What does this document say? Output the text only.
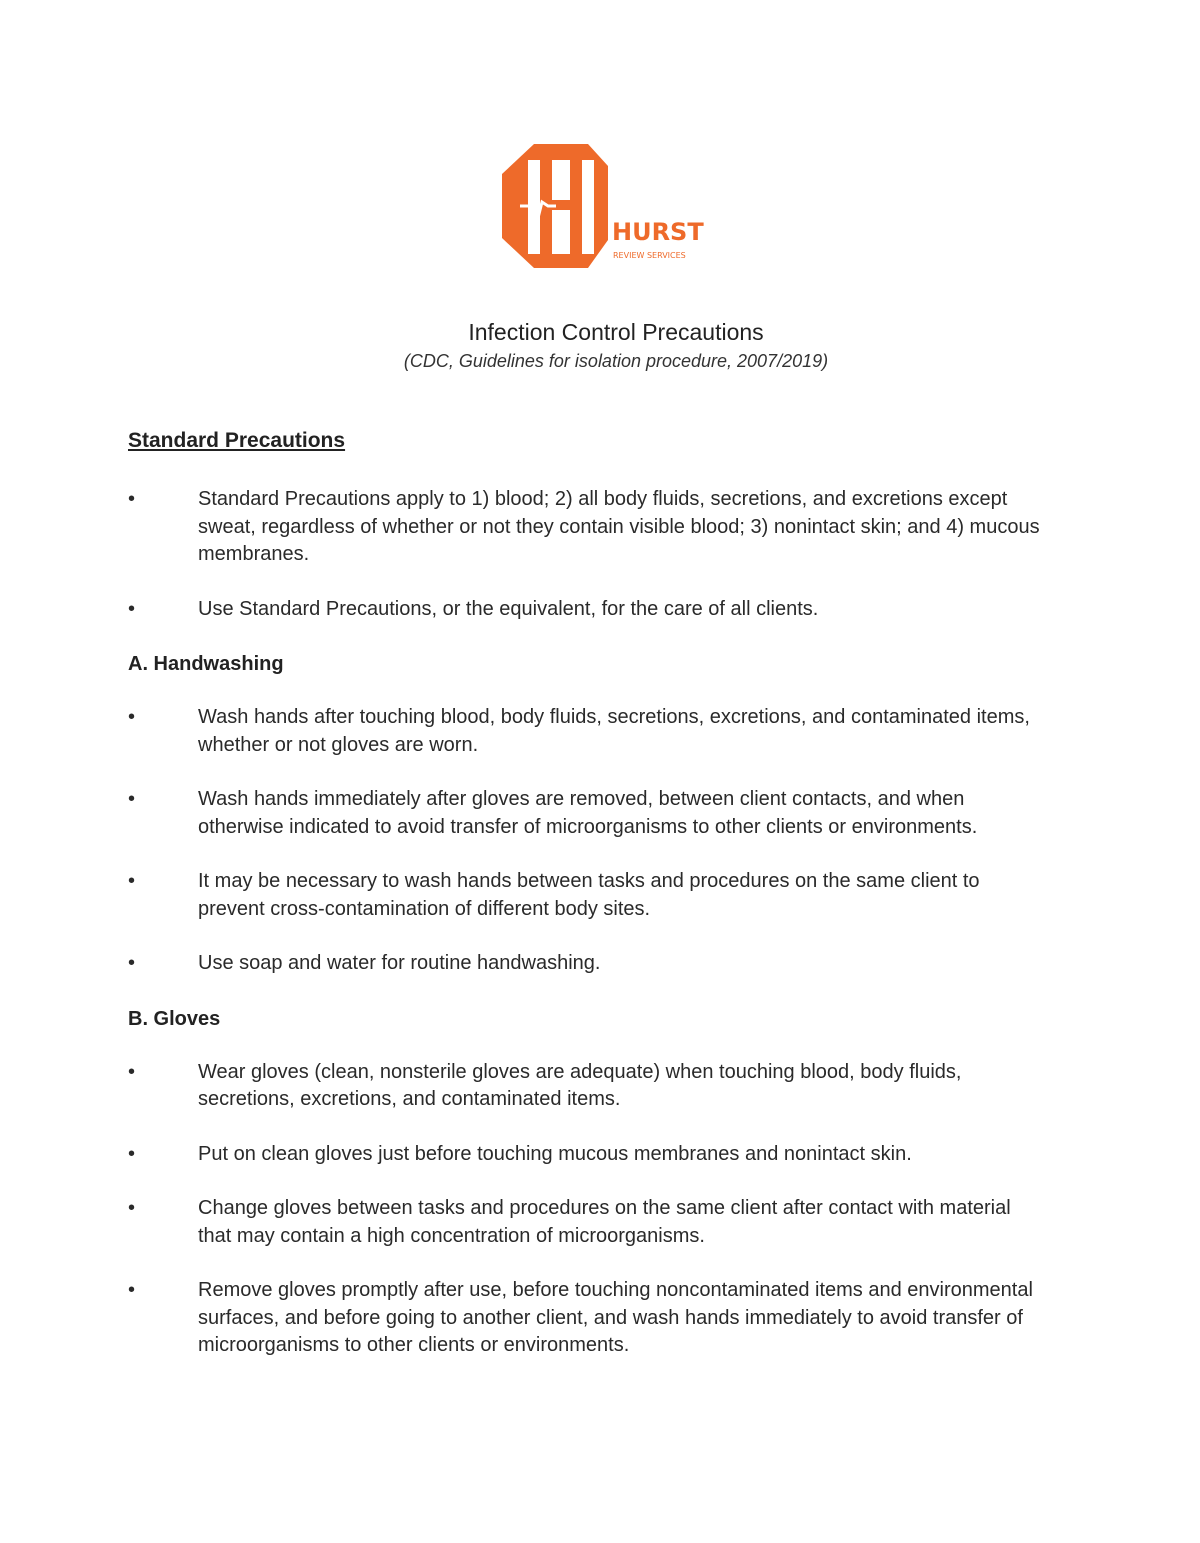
HURST
REVIEW SERVICES
Infection Control Precautions

(CDC, Guidelines for isolation procedure, 2007/2019)

Standard Precautions
•	Standard Precautions apply to 1) blood; 2) all body fluids, secretions, and excretions except sweat, regardless of whether or not they contain visible blood; 3) nonintact skin; and 4) mucous membranes.
•	Use Standard Precautions, or the equivalent, for the care of all clients.
A. Handwashing
•	Wash hands after touching blood, body fluids, secretions, excretions, and contaminated items, whether or not gloves are worn.
•	Wash hands immediately after gloves are removed, between client contacts, and when otherwise indicated to avoid transfer of microorganisms to other clients or environments.
•	It may be necessary to wash hands between tasks and procedures on the same client to prevent cross-contamination of different body sites.
•	Use soap and water for routine handwashing.
B. Gloves
•	Wear gloves (clean, nonsterile gloves are adequate) when touching blood, body fluids, secretions, excretions, and contaminated items.
•	Put on clean gloves just before touching mucous membranes and nonintact skin.
•	Change gloves between tasks and procedures on the same client after contact with material that may contain a high concentration of microorganisms.
•	Remove gloves promptly after use, before touching noncontaminated items and environmental surfaces, and before going to another client, and wash hands immediately to avoid transfer of microorganisms to other clients or environments.
